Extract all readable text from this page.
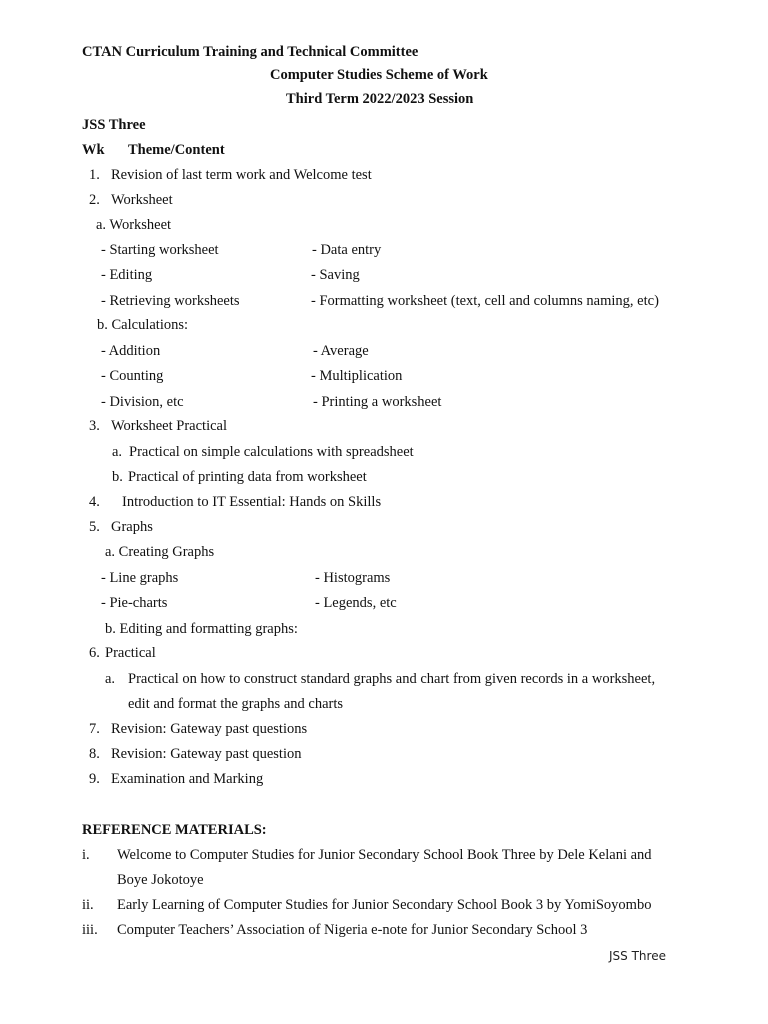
CTAN Curriculum Training and Technical Committee
Computer Studies Scheme of Work
Third Term 2022/2023 Session
JSS Three
Wk Theme/Content
1. Revision of last term work and Welcome test
2. Worksheet
a. Worksheet
- Starting worksheet	- Data entry
- Editing	- Saving
- Retrieving worksheets	- Formatting worksheet (text, cell and columns naming, etc)
b. Calculations:
- Addition	- Average
- Counting	- Multiplication
- Division, etc	- Printing a worksheet
3. Worksheet Practical
a. Practical on simple calculations with spreadsheet
b. Practical of printing data from worksheet
4. Introduction to IT Essential: Hands on Skills
5. Graphs
a. Creating Graphs
- Line graphs	- Histograms
- Pie-charts	- Legends, etc
b. Editing and formatting graphs:
6. Practical
a. Practical on how to construct standard graphs and chart from given records in a worksheet,
edit and format the graphs and charts
7. Revision: Gateway past questions
8. Revision: Gateway past question
9. Examination and Marking
REFERENCE MATERIALS:
i. Welcome to Computer Studies for Junior Secondary School Book Three by Dele Kelani and
Boye Jokotoye
ii. Early Learning of Computer Studies for Junior Secondary School Book 3 by YomiSoyombo
iii. Computer Teachers’ Association of Nigeria e-note for Junior Secondary School 3
JSS Three
